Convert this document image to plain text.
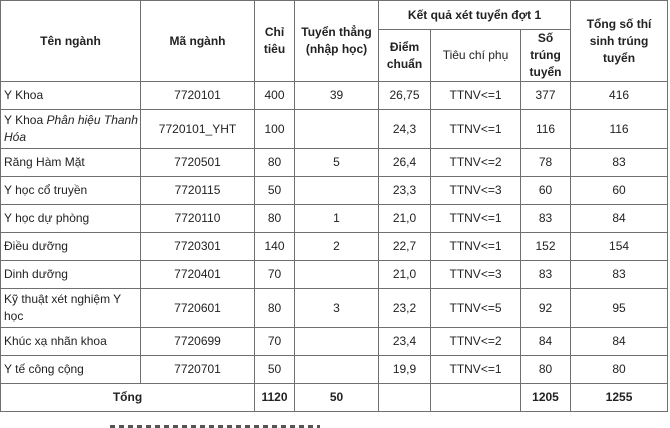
Tên ngành	Mã ngành	Chỉ tiêu	Tuyển thẳng (nhập học)	Kết quả xét tuyển đợt 1			Tổng số thí sinh trúng tuyển
				Điểm chuẩn	Tiêu chí phụ	Số trúng tuyển	
Y Khoa	7720101	400	39	26,75	TTNV<=1	377	416
Y Khoa Phân hiệu Thanh Hóa	7720101_YHT	100		24,3	TTNV<=1	116	116
Răng Hàm Mặt	7720501	80	5	26,4	TTNV<=2	78	83
Y học cổ truyền	7720115	50		23,3	TTNV<=3	60	60
Y học dự phòng	7720110	80	1	21,0	TTNV<=1	83	84
Điều dưỡng	7720301	140	2	22,7	TTNV<=1	152	154
Dinh dưỡng	7720401	70		21,0	TTNV<=3	83	83
Kỹ thuật xét nghiệm Y học	7720601	80	3	23,2	TTNV<=5	92	95
Khúc xạ nhãn khoa	7720699	70		23,4	TTNV<=2	84	84
Y tế công cộng	7720701	50		19,9	TTNV<=1	80	80
Tổng		1120	50			1205	1255
